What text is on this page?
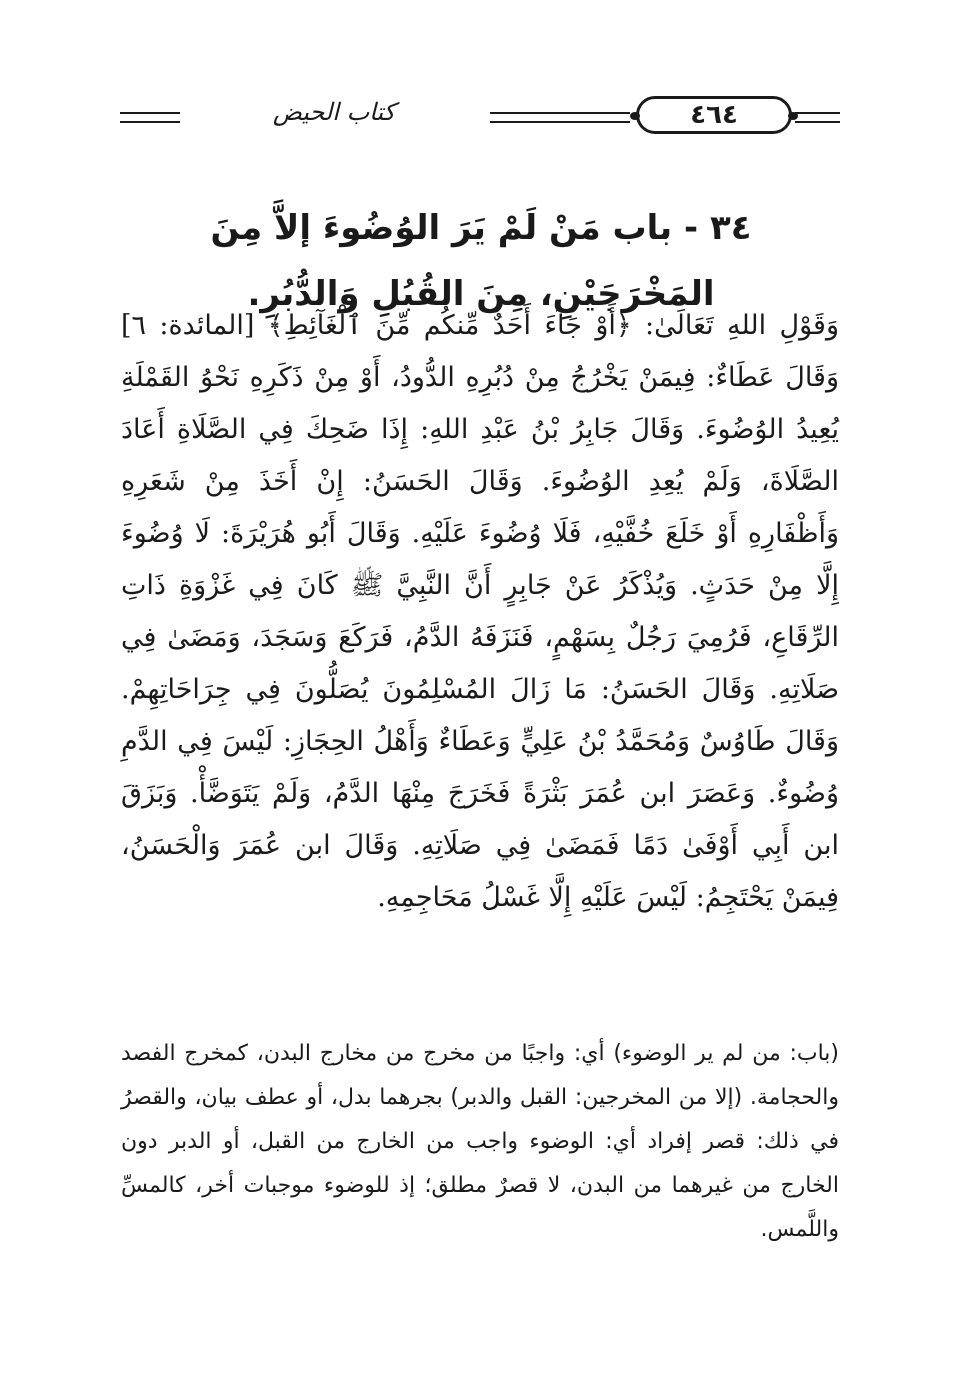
٤٦٤
كتاب الحيض
٣٤ - باب مَنْ لَمْ يَرَ الوُضُوءَ إلاَّ مِنَ المَخْرَجَيْنِ، مِنَ القُبُلِ وَالدُّبُرِ.
وَقَوْلِ اللهِ تَعَالَىٰ: ﴿أَوْ جَآءَ أَحَدٌ مِّنكُم مِّنَ ٱلْغَآئِطِ﴾ [المائدة: ٦] وَقَالَ عَطَاءٌ: فِيمَنْ يَخْرُجُ مِنْ دُبُرِهِ الدُّودُ، أَوْ مِنْ ذَكَرِهِ نَحْوُ القَمْلَةِ يُعِيدُ الوُضُوءَ. وَقَالَ جَابِرُ بْنُ عَبْدِ اللهِ: إِذَا ضَحِكَ فِي الصَّلَاةِ أَعَادَ الصَّلَاةَ، وَلَمْ يُعِدِ الوُضُوءَ. وَقَالَ الحَسَنُ: إِنْ أَخَذَ مِنْ شَعَرِهِ وَأَظْفَارِهِ أَوْ خَلَعَ خُفَّيْهِ، فَلَا وُضُوءَ عَلَيْهِ. وَقَالَ أَبُو هُرَيْرَةَ: لَا وُضُوءَ إِلَّا مِنْ حَدَثٍ. وَيُذْكَرُ عَنْ جَابِرٍ أَنَّ النَّبِيَّ ﷺ كَانَ فِي غَزْوَةِ ذَاتِ الرِّقَاعِ، فَرُمِيَ رَجُلٌ بِسَهْمٍ، فَنَزَفَهُ الدَّمُ، فَرَكَعَ وَسَجَدَ، وَمَضَىٰ فِي صَلَاتِهِ. وَقَالَ الحَسَنُ: مَا زَالَ المُسْلِمُونَ يُصَلُّونَ فِي جِرَاحَاتِهِمْ. وَقَالَ طَاوُسٌ وَمُحَمَّدُ بْنُ عَلِيٍّ وَعَطَاءٌ وَأَهْلُ الحِجَازِ: لَيْسَ فِي الدَّمِ وُضُوءٌ. وَعَصَرَ ابن عُمَرَ بَثْرَةً فَخَرَجَ مِنْهَا الدَّمُ، وَلَمْ يَتَوَضَّأْ. وَبَزَقَ ابن أَبِي أَوْفَىٰ دَمًا فَمَضَىٰ فِي صَلَاتِهِ. وَقَالَ ابن عُمَرَ وَالْحَسَنُ، فِيمَنْ يَحْتَجِمُ: لَيْسَ عَلَيْهِ إِلَّا غَسْلُ مَحَاجِمِهِ.
(باب: من لم ير الوضوء) أي: واجبًا من مخرج من مخارج البدن، كمخرج الفصد والحجامة. (إلا من المخرجين: القبل والدبر) بجرهما بدل، أو عطف بيان، والقصرُ في ذلك: قصر إفراد أي: الوضوء واجب من الخارج من القبل، أو الدبر دون الخارج من غيرهما من البدن، لا قصرٌ مطلق؛ إذ للوضوء موجبات أخر، كالمسِّ واللَّمس.
